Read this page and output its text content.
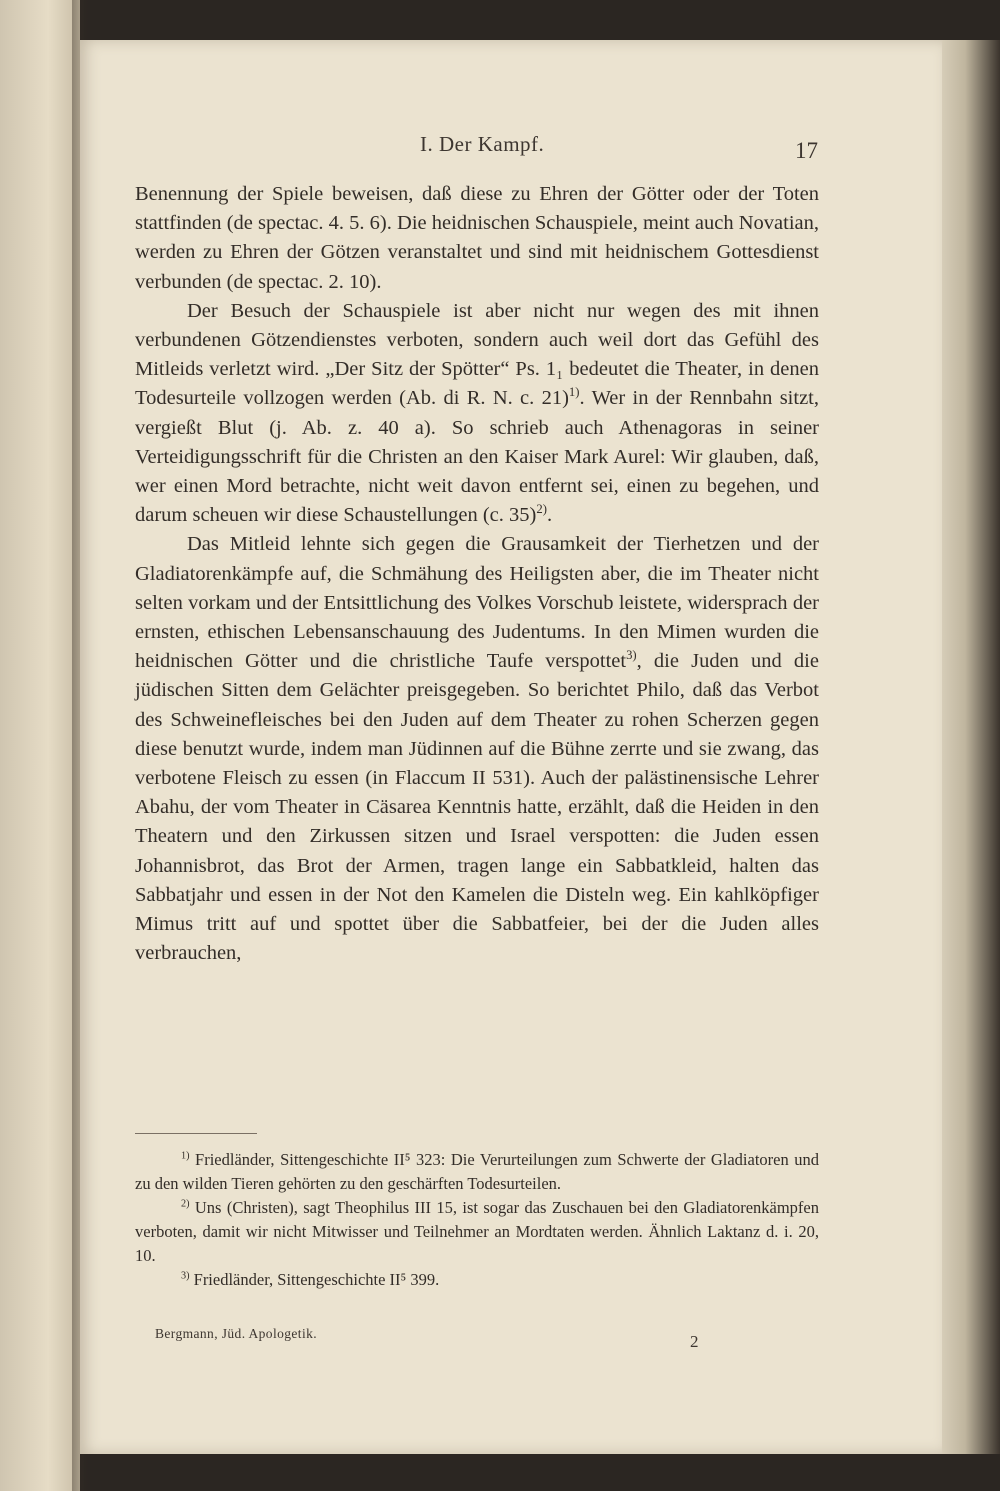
I. Der Kampf.	17

Benennung der Spiele beweisen, daß diese zu Ehren der Götter oder der Toten stattfinden (de spectac. 4. 5. 6). Die heidnischen Schauspiele, meint auch Novatian, werden zu Ehren der Götzen veranstaltet und sind mit heidnischem Gottesdienst verbunden (de spectac. 2. 10).

Der Besuch der Schauspiele ist aber nicht nur wegen des mit ihnen verbundenen Götzendienstes verboten, sondern auch weil dort das Gefühl des Mitleids verletzt wird. „Der Sitz der Spötter“ Ps. 1₁ bedeutet die Theater, in denen Todesurteile vollzogen werden (Ab. di R. N. c. 21)$^{1)}$. Wer in der Rennbahn sitzt, vergießt Blut (j. Ab. z. 40 a). So schrieb auch Athenagoras in seiner Verteidigungsschrift für die Christen an den Kaiser Mark Aurel: Wir glauben, daß, wer einen Mord betrachte, nicht weit davon entfernt sei, einen zu begehen, und darum scheuen wir diese Schaustellungen (c. 35)$^{2)}$.

Das Mitleid lehnte sich gegen die Grausamkeit der Tierhetzen und der Gladiatorenkämpfe auf, die Schmähung des Heiligsten aber, die im Theater nicht selten vorkam und der Entsittlichung des Volkes Vorschub leistete, widersprach der ernsten, ethischen Lebensanschauung des Judentums. In den Mimen wurden die heidnischen Götter und die christliche Taufe verspottet$^{3)}$, die Juden und die jüdischen Sitten dem Gelächter preisgegeben. So berichtet Philo, daß das Verbot des Schweinefleisches bei den Juden auf dem Theater zu rohen Scherzen gegen diese benutzt wurde, indem man Jüdinnen auf die Bühne zerrte und sie zwang, das verbotene Fleisch zu essen (in Flaccum II 531). Auch der palästinensische Lehrer Abahu, der vom Theater in Cäsarea Kenntnis hatte, erzählt, daß die Heiden in den Theatern und den Zirkussen sitzen und Israel verspotten: die Juden essen Johannisbrot, das Brot der Armen, tragen lange ein Sabbatkleid, halten das Sabbatjahr und essen in der Not den Kamelen die Disteln weg. Ein kahlköpfiger Mimus tritt auf und spottet über die Sabbatfeier, bei der die Juden alles verbrauchen,

$^{1)}$ Friedländer, Sittengeschichte II⁵ 323: Die Verurteilungen zum Schwerte der Gladiatoren und zu den wilden Tieren gehörten zu den geschärften Todesurteilen.

$^{2)}$ Uns (Christen), sagt Theophilus III 15, ist sogar das Zuschauen bei den Gladiatorenkämpfen verboten, damit wir nicht Mitwisser und Teilnehmer an Mordtaten werden. Ähnlich Laktanz d. i. 20, 10.

$^{3)}$ Friedländer, Sittengeschichte II⁵ 399.

Bergmann, Jüd. Apologetik.	2
